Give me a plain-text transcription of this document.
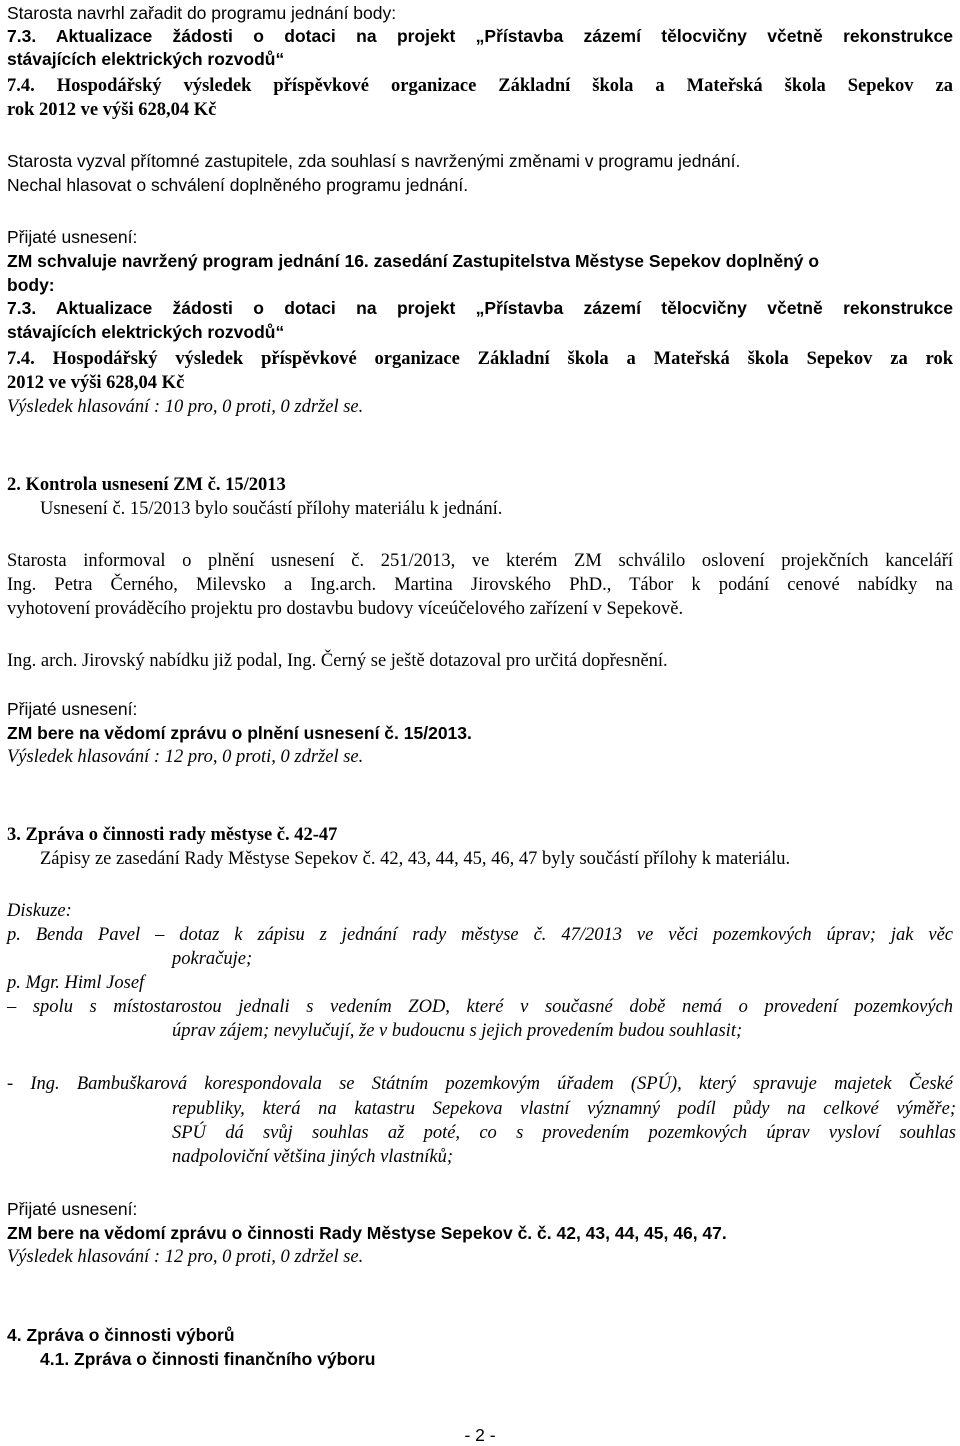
Starosta navrhl zařadit do programu jednání body:
7.3. Aktualizace žádosti o dotaci na projekt „Přístavba zázemí tělocvičny včetně rekonstrukce
stávajících elektrických rozvodů“
7.4. Hospodářský výsledek příspěvkové organizace Základní škola a Mateřská škola Sepekov za
rok 2012 ve výši 628,04 Kč
Starosta vyzval přítomné zastupitele, zda souhlasí s navrženými změnami v programu jednání.
Nechal hlasovat o schválení doplněného programu jednání.
Přijaté usnesení:
ZM schvaluje navržený program jednání 16. zasedání Zastupitelstva Městyse Sepekov doplněný o
body:
7.3. Aktualizace žádosti o dotaci na projekt „Přístavba zázemí tělocvičny včetně rekonstrukce
stávajících elektrických rozvodů“
7.4. Hospodářský výsledek příspěvkové organizace Základní škola a Mateřská škola Sepekov za rok
2012 ve výši 628,04 Kč
Výsledek hlasování : 10 pro, 0 proti, 0 zdržel se.
2. Kontrola usnesení ZM č. 15/2013
Usnesení č. 15/2013 bylo součástí přílohy materiálu k jednání.
Starosta informoval o plnění usnesení č. 251/2013, ve kterém ZM schválilo oslovení projekčních kanceláří
Ing. Petra Černého, Milevsko a Ing.arch. Martina Jirovského PhD., Tábor k podání cenové nabídky na
vyhotovení prováděcího projektu pro dostavbu budovy víceúčelového zařízení v Sepekově.
Ing. arch. Jirovský nabídku již podal, Ing. Černý se ještě dotazoval pro určitá dopřesnění.
Přijaté usnesení:
ZM bere na vědomí zprávu o plnění usnesení č. 15/2013.
Výsledek hlasování : 12 pro, 0 proti, 0 zdržel se.
3. Zpráva o činnosti rady městyse č. 42-47
Zápisy ze zasedání Rady Městyse Sepekov č. 42, 43, 44, 45, 46, 47 byly součástí přílohy k materiálu.
Diskuze:
p. Benda Pavel – dotaz k zápisu z jednání rady městyse č. 47/2013 ve věci pozemkových úprav; jak věc
pokračuje;
p. Mgr. Himl Josef
– spolu s místostarostou jednali s vedením ZOD, které v současné době nemá o provedení pozemkových
úprav zájem; nevylučují, že v budoucnu s jejich provedením budou souhlasit;
- Ing. Bambuškarová korespondovala se Státním pozemkovým úřadem (SPÚ), který spravuje majetek České
republiky, která na katastru Sepekova vlastní významný podíl půdy na celkové výměře;
SPÚ dá svůj souhlas až poté, co s provedením pozemkových úprav vysloví souhlas
nadpoloviční většina jiných vlastníků;
Přijaté usnesení:
ZM bere na vědomí zprávu o činnosti Rady Městyse Sepekov č. č. 42, 43, 44, 45, 46, 47.
Výsledek hlasování : 12 pro, 0 proti, 0 zdržel se.
4. Zpráva o činnosti výborů
4.1. Zpráva o činnosti finančního výboru
- 2 -
